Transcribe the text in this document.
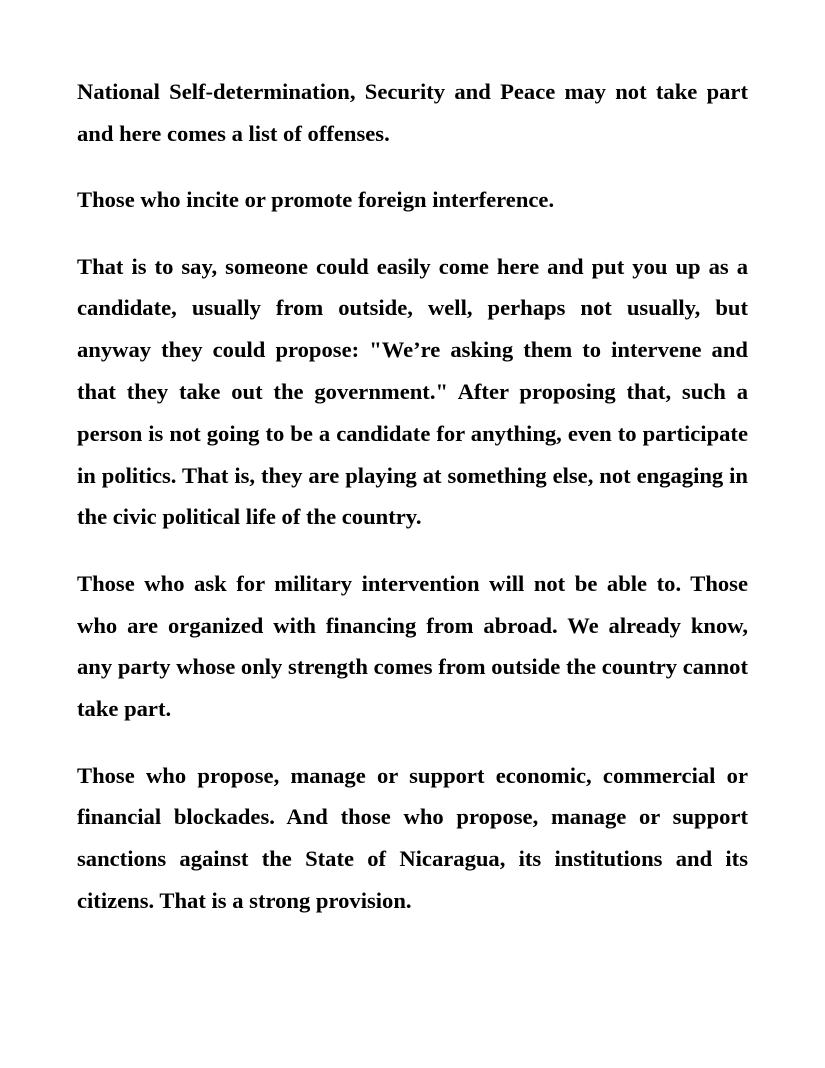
National Self-determination, Security and Peace may not take part and here comes a list of offenses.

Those who incite or promote foreign interference.

That is to say, someone could easily come here and put you up as a candidate, usually from outside, well, perhaps not usually, but anyway they could propose: "We’re asking them to intervene and that they take out the government." After proposing that, such a person is not going to be a candidate for anything, even to participate in politics. That is, they are playing at something else, not engaging in the civic political life of the country.

Those who ask for military intervention will not be able to. Those who are organized with financing from abroad. We already know, any party whose only strength comes from outside the country cannot take part.

Those who propose, manage or support economic, commercial or financial blockades. And those who propose, manage or support sanctions against the State of Nicaragua, its institutions and its citizens. That is a strong provision.
